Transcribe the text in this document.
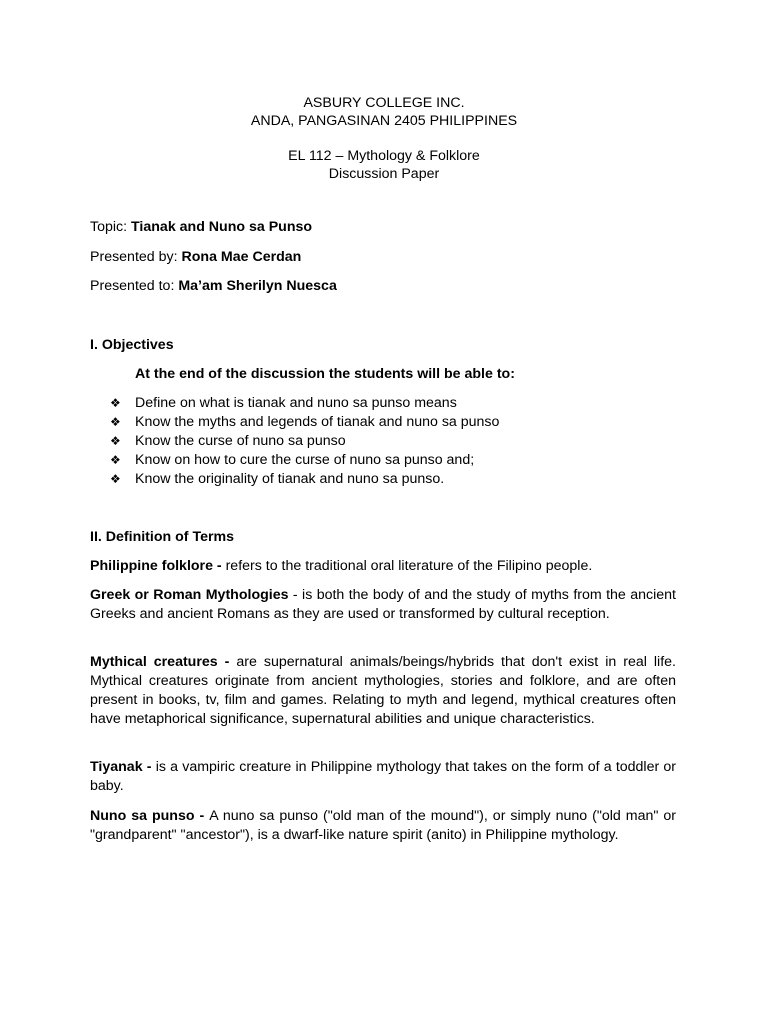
ASBURY COLLEGE INC.
ANDA, PANGASINAN 2405 PHILIPPINES
EL 112 – Mythology & Folklore
Discussion Paper
Topic: Tianak and Nuno sa Punso
Presented by: Rona Mae Cerdan
Presented to: Ma’am Sherilyn Nuesca
I. Objectives
At the end of the discussion the students will be able to:
❖ Define on what is tianak and nuno sa punso means
❖ Know the myths and legends of tianak and nuno sa punso
❖ Know the curse of nuno sa punso
❖ Know on how to cure the curse of nuno sa punso and;
❖ Know the originality of tianak and nuno sa punso.
II. Definition of Terms
Philippine folklore - refers to the traditional oral literature of the Filipino people.
Greek or Roman Mythologies - is both the body of and the study of myths from the ancient Greeks and ancient Romans as they are used or transformed by cultural reception.
Mythical creatures - are supernatural animals/beings/hybrids that don't exist in real life. Mythical creatures originate from ancient mythologies, stories and folklore, and are often present in books, tv, film and games. Relating to myth and legend, mythical creatures often have metaphorical significance, supernatural abilities and unique characteristics.
Tiyanak - is a vampiric creature in Philippine mythology that takes on the form of a toddler or baby.
Nuno sa punso - A nuno sa punso ("old man of the mound"), or simply nuno ("old man" or "grandparent" "ancestor"), is a dwarf-like nature spirit (anito) in Philippine mythology.
